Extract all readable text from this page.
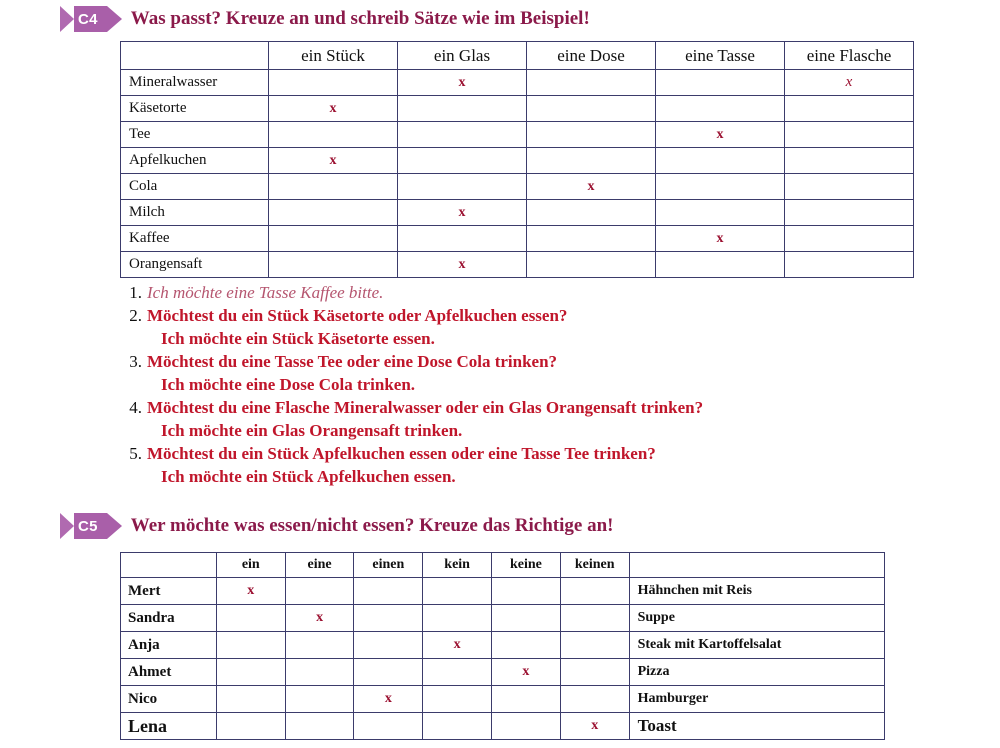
C4	Was passt? Kreuze an und schreib Sätze wie im Beispiel!
	ein Stück	ein Glas	eine Dose	eine Tasse	eine Flasche
Mineralwasser		x			x
Käsetorte	x				
Tee				x	
Apfelkuchen	x				
Cola			x		
Milch		x			
Kaffee				x	
Orangensaft		x			
1. Ich möchte eine Tasse Kaffee bitte.
2. Möchtest du ein Stück Käsetorte oder Apfelkuchen essen?
Ich möchte ein Stück Käsetorte essen.
3. Möchtest du eine Tasse Tee oder eine Dose Cola trinken?
Ich möchte eine Dose Cola trinken.
4. Möchtest du eine Flasche Mineralwasser oder ein Glas Orangensaft trinken?
Ich möchte ein Glas Orangensaft trinken.
5. Möchtest du ein Stück Apfelkuchen essen oder eine Tasse Tee trinken?
Ich möchte ein Stück Apfelkuchen essen.
C5	Wer möchte was essen/nicht essen? Kreuze das Richtige an!
	ein	eine	einen	kein	keine	keinen	
Mert	x						Hähnchen mit Reis
Sandra		x					Suppe
Anja				x			Steak mit Kartoffelsalat
Ahmet					x		Pizza
Nico			x				Hamburger
Lena						x	Toast
